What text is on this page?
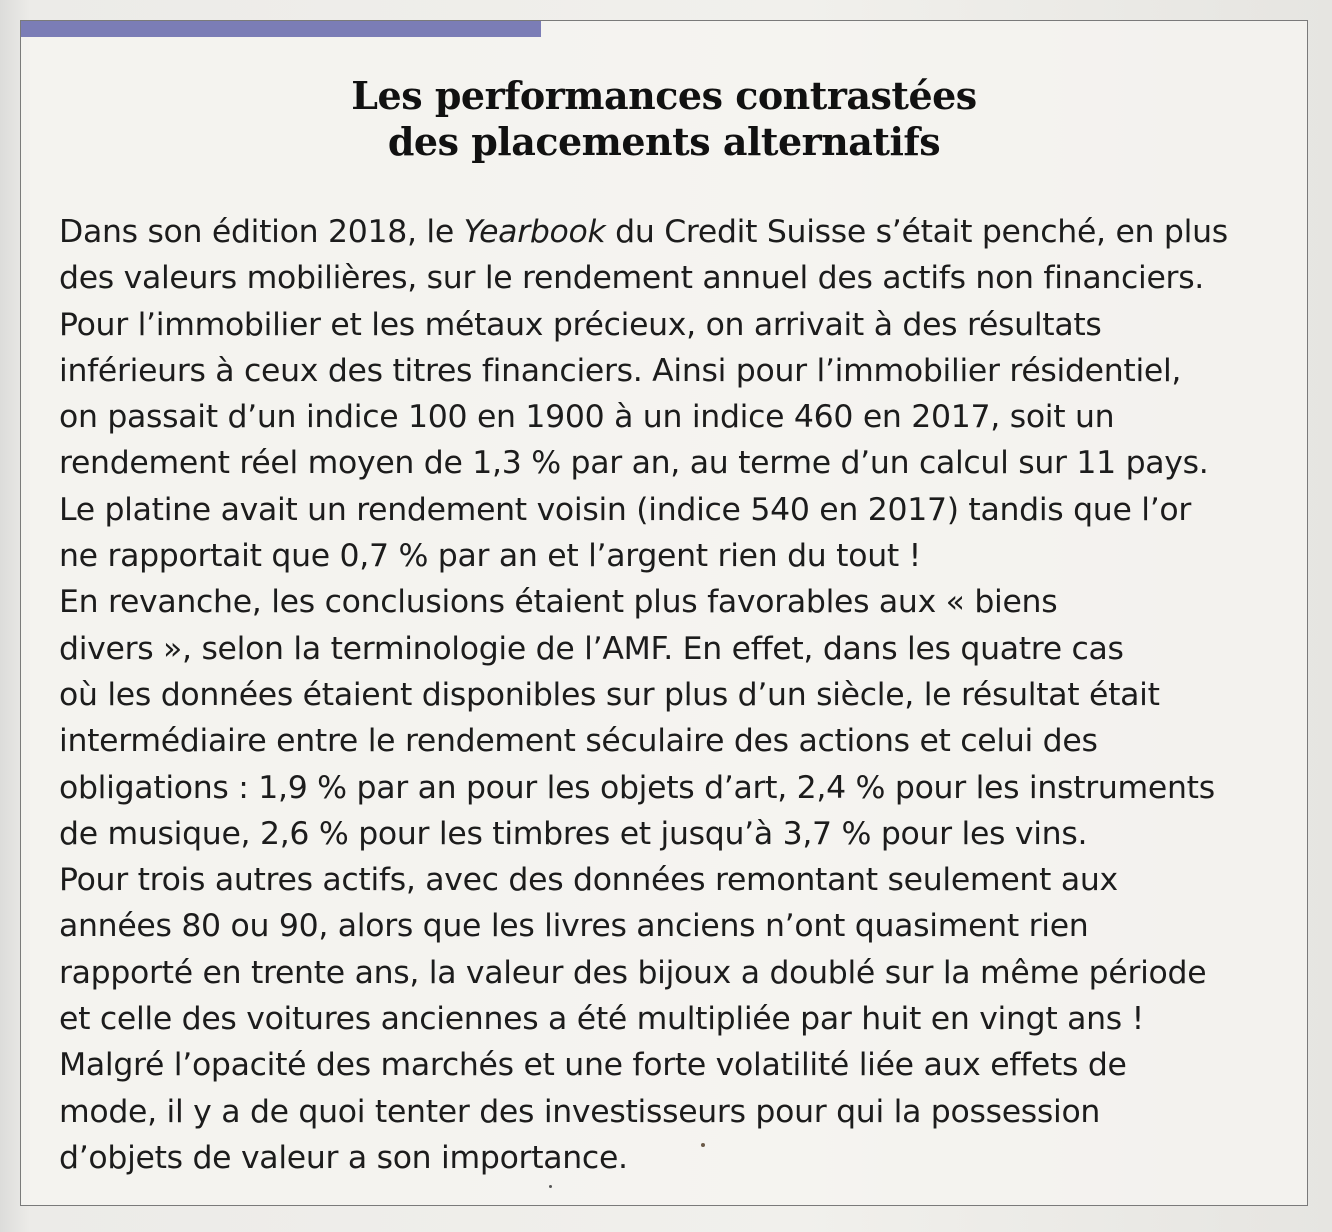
Les performances contrastées
des placements alternatifs
Dans son édition 2018, le Yearbook du Credit Suisse s’était penché, en plus
des valeurs mobilières, sur le rendement annuel des actifs non financiers.
Pour l’immobilier et les métaux précieux, on arrivait à des résultats
inférieurs à ceux des titres financiers. Ainsi pour l’immobilier résidentiel,
on passait d’un indice 100 en 1900 à un indice 460 en 2017, soit un
rendement réel moyen de 1,3 % par an, au terme d’un calcul sur 11 pays.
Le platine avait un rendement voisin (indice 540 en 2017) tandis que l’or
ne rapportait que 0,7 % par an et l’argent rien du tout !
En revanche, les conclusions étaient plus favorables aux « biens
divers », selon la terminologie de l’AMF. En effet, dans les quatre cas
où les données étaient disponibles sur plus d’un siècle, le résultat était
intermédiaire entre le rendement séculaire des actions et celui des
obligations : 1,9 % par an pour les objets d’art, 2,4 % pour les instruments
de musique, 2,6 % pour les timbres et jusqu’à 3,7 % pour les vins.
Pour trois autres actifs, avec des données remontant seulement aux
années 80 ou 90, alors que les livres anciens n’ont quasiment rien
rapporté en trente ans, la valeur des bijoux a doublé sur la même période
et celle des voitures anciennes a été multipliée par huit en vingt ans !
Malgré l’opacité des marchés et une forte volatilité liée aux effets de
mode, il y a de quoi tenter des investisseurs pour qui la possession
d’objets de valeur a son importance.
